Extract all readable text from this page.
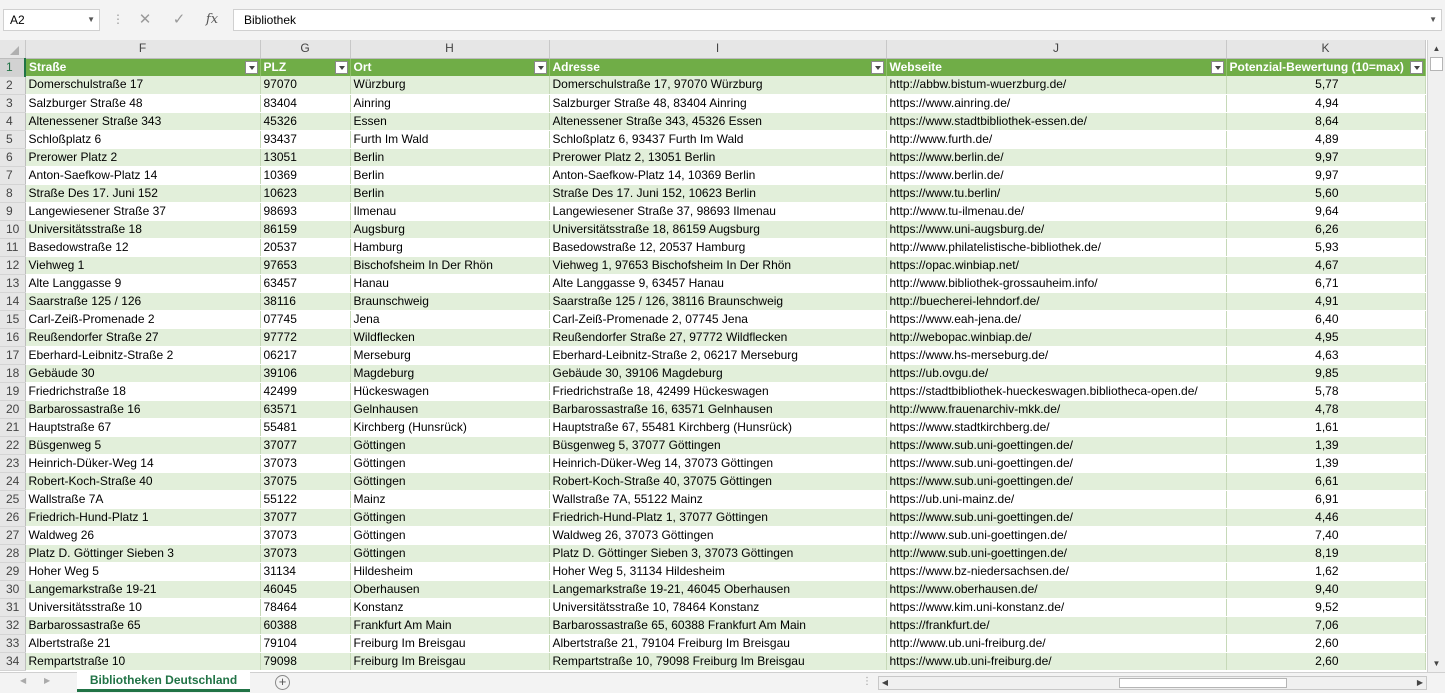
A2	▼ ⋮ ✕ ✓	fx	Bibliothek	▼
	F	G	H	I	J	K
1	Straße	PLZ	Ort	Adresse	Webseite	Potenzial-Bewertung (10=max)

2	Domerschulstraße 17	97070	Würzburg	Domerschulstraße 17, 97070 Würzburg	http://abbw.bistum-wuerzburg.de/	5,77
3	Salzburger Straße 48	83404	Ainring	Salzburger Straße 48, 83404 Ainring	https://www.ainring.de/	4,94
4	Altenessener Straße 343	45326	Essen	Altenessener Straße 343, 45326 Essen	https://www.stadtbibliothek-essen.de/	8,64
5	Schloßplatz 6	93437	Furth Im Wald	Schloßplatz 6, 93437 Furth Im Wald	http://www.furth.de/	4,89
6	Prerower Platz 2	13051	Berlin	Prerower Platz 2, 13051 Berlin	https://www.berlin.de/	9,97
7	Anton-Saefkow-Platz 14	10369	Berlin	Anton-Saefkow-Platz 14, 10369 Berlin	https://www.berlin.de/	9,97
8	Straße Des 17. Juni 152	10623	Berlin	Straße Des 17. Juni 152, 10623 Berlin	https://www.tu.berlin/	5,60
9	Langewiesener Straße 37	98693	Ilmenau	Langewiesener Straße 37, 98693 Ilmenau	http://www.tu-ilmenau.de/	9,64
10	Universitätsstraße 18	86159	Augsburg	Universitätsstraße 18, 86159 Augsburg	https://www.uni-augsburg.de/	6,26
11	Basedowstraße 12	20537	Hamburg	Basedowstraße 12, 20537 Hamburg	http://www.philatelistische-bibliothek.de/	5,93
12	Viehweg 1	97653	Bischofsheim In Der Rhön	Viehweg 1, 97653 Bischofsheim In Der Rhön	https://opac.winbiap.net/	4,67
13	Alte Langgasse 9	63457	Hanau	Alte Langgasse 9, 63457 Hanau	http://www.bibliothek-grossauheim.info/	6,71
14	Saarstraße 125 / 126	38116	Braunschweig	Saarstraße 125 / 126, 38116 Braunschweig	http://buecherei-lehndorf.de/	4,91
15	Carl-Zeiß-Promenade 2	07745	Jena	Carl-Zeiß-Promenade 2, 07745 Jena	https://www.eah-jena.de/	6,40
16	Reußendorfer Straße 27	97772	Wildflecken	Reußendorfer Straße 27, 97772 Wildflecken	http://webopac.winbiap.de/	4,95
17	Eberhard-Leibnitz-Straße 2	06217	Merseburg	Eberhard-Leibnitz-Straße 2, 06217 Merseburg	https://www.hs-merseburg.de/	4,63
18	Gebäude 30	39106	Magdeburg	Gebäude 30, 39106 Magdeburg	https://ub.ovgu.de/	9,85
19	Friedrichstraße 18	42499	Hückeswagen	Friedrichstraße 18, 42499 Hückeswagen	https://stadtbibliothek-hueckeswagen.bibliotheca-open.de/	5,78
20	Barbarossastraße 16	63571	Gelnhausen	Barbarossastraße 16, 63571 Gelnhausen	http://www.frauenarchiv-mkk.de/	4,78
21	Hauptstraße 67	55481	Kirchberg (Hunsrück)	Hauptstraße 67, 55481 Kirchberg (Hunsrück)	https://www.stadtkirchberg.de/	1,61
22	Büsgenweg 5	37077	Göttingen	Büsgenweg 5, 37077 Göttingen	https://www.sub.uni-goettingen.de/	1,39
23	Heinrich-Düker-Weg 14	37073	Göttingen	Heinrich-Düker-Weg 14, 37073 Göttingen	https://www.sub.uni-goettingen.de/	1,39
24	Robert-Koch-Straße 40	37075	Göttingen	Robert-Koch-Straße 40, 37075 Göttingen	https://www.sub.uni-goettingen.de/	6,61
25	Wallstraße 7A	55122	Mainz	Wallstraße 7A, 55122 Mainz	https://ub.uni-mainz.de/	6,91
26	Friedrich-Hund-Platz 1	37077	Göttingen	Friedrich-Hund-Platz 1, 37077 Göttingen	https://www.sub.uni-goettingen.de/	4,46
27	Waldweg 26	37073	Göttingen	Waldweg 26, 37073 Göttingen	http://www.sub.uni-goettingen.de/	7,40
28	Platz D. Göttinger Sieben 3	37073	Göttingen	Platz D. Göttinger Sieben 3, 37073 Göttingen	http://www.sub.uni-goettingen.de/	8,19
29	Hoher Weg 5	31134	Hildesheim	Hoher Weg 5, 31134 Hildesheim	https://www.bz-niedersachsen.de/	1,62
30	Langemarkstraße 19-21	46045	Oberhausen	Langemarkstraße 19-21, 46045 Oberhausen	https://www.oberhausen.de/	9,40
31	Universitätsstraße 10	78464	Konstanz	Universitätsstraße 10, 78464 Konstanz	https://www.kim.uni-konstanz.de/	9,52
32	Barbarossastraße 65	60388	Frankfurt Am Main	Barbarossastraße 65, 60388 Frankfurt Am Main	https://frankfurt.de/	7,06
33	Albertstraße 21	79104	Freiburg Im Breisgau	Albertstraße 21, 79104 Freiburg Im Breisgau	http://www.ub.uni-freiburg.de/	2,60
34	Rempartstraße 10	79098	Freiburg Im Breisgau	Rempartstraße 10, 79098 Freiburg Im Breisgau	https://www.ub.uni-freiburg.de/	2,60
▲
▼
◀ ▶	Bibliotheken Deutschland	+	⋮	◀	▶
